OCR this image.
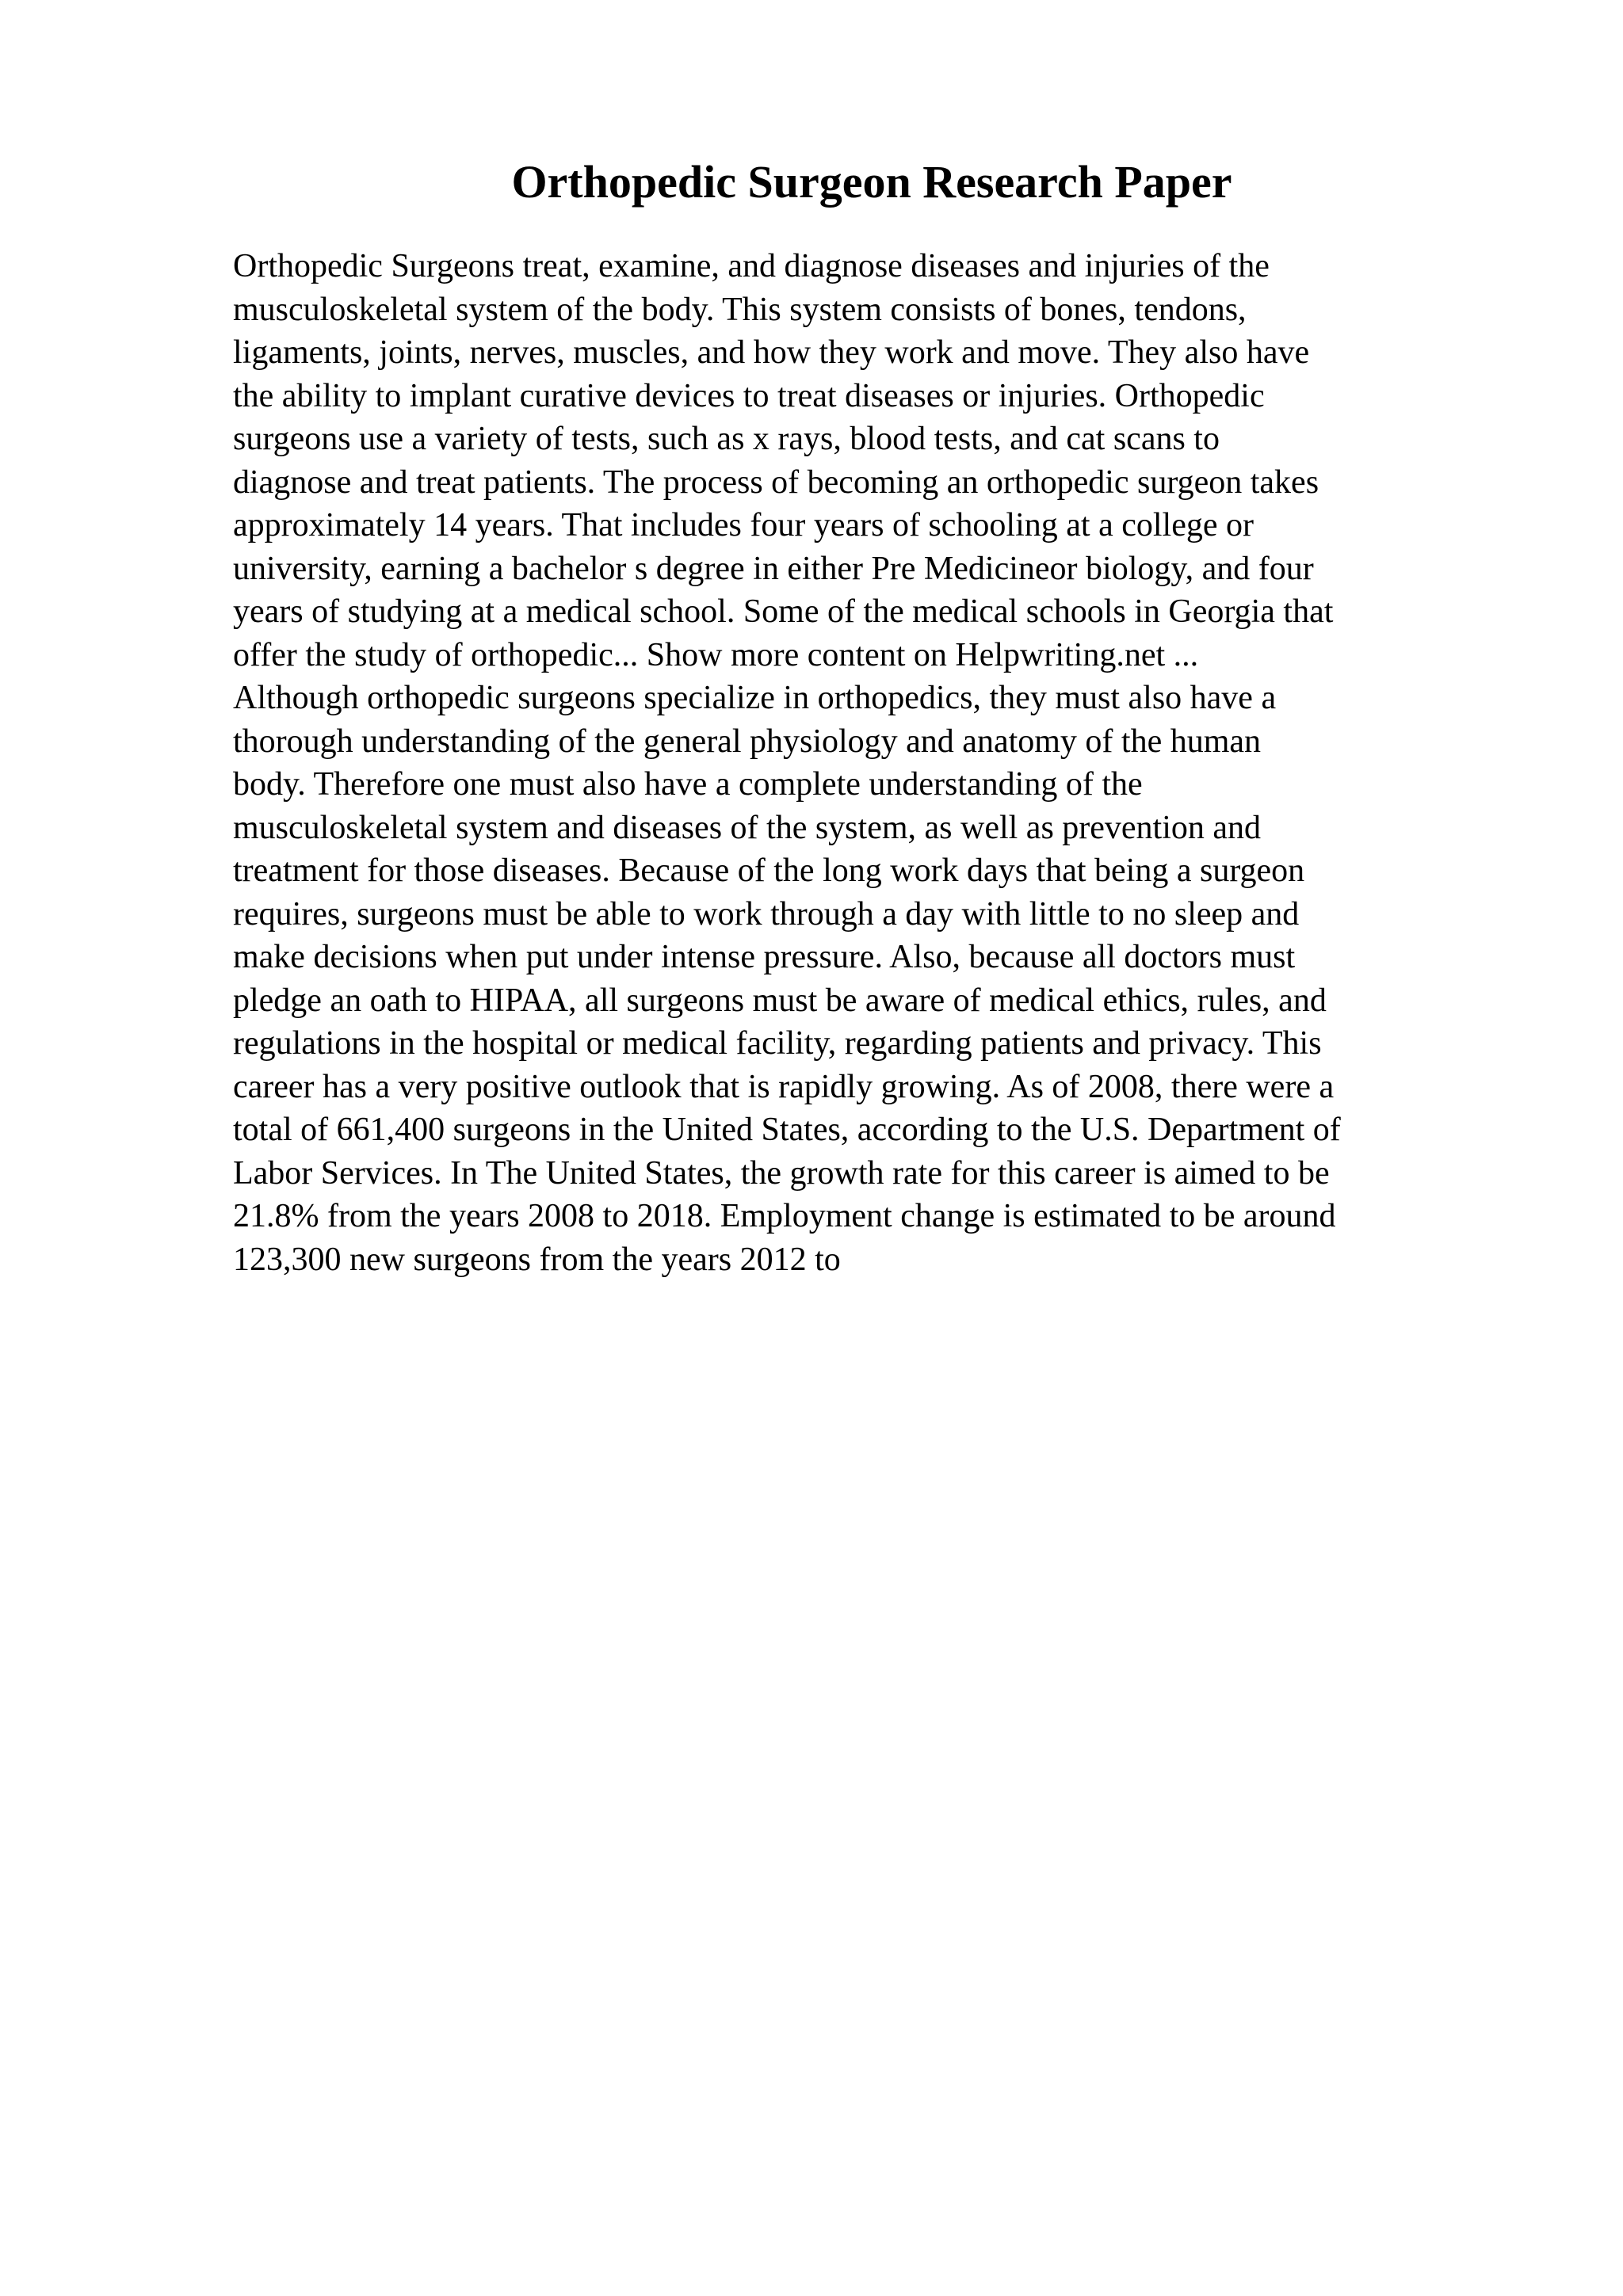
Orthopedic Surgeon Research Paper
Orthopedic Surgeons treat, examine, and diagnose diseases and injuries of the
musculoskeletal system of the body. This system consists of bones, tendons,
ligaments, joints, nerves, muscles, and how they work and move. They also have
the ability to implant curative devices to treat diseases or injuries. Orthopedic
surgeons use a variety of tests, such as x rays, blood tests, and cat scans to
diagnose and treat patients. The process of becoming an orthopedic surgeon takes
approximately 14 years. That includes four years of schooling at a college or
university, earning a bachelor s degree in either Pre Medicineor biology, and four
years of studying at a medical school. Some of the medical schools in Georgia that
offer the study of orthopedic... Show more content on Helpwriting.net ...
Although orthopedic surgeons specialize in orthopedics, they must also have a
thorough understanding of the general physiology and anatomy of the human
body. Therefore one must also have a complete understanding of the
musculoskeletal system and diseases of the system, as well as prevention and
treatment for those diseases. Because of the long work days that being a surgeon
requires, surgeons must be able to work through a day with little to no sleep and
make decisions when put under intense pressure. Also, because all doctors must
pledge an oath to HIPAA, all surgeons must be aware of medical ethics, rules, and
regulations in the hospital or medical facility, regarding patients and privacy. This
career has a very positive outlook that is rapidly growing. As of 2008, there were a
total of 661,400 surgeons in the United States, according to the U.S. Department of
Labor Services. In The United States, the growth rate for this career is aimed to be
21.8% from the years 2008 to 2018. Employment change is estimated to be around
123,300 new surgeons from the years 2012 to
